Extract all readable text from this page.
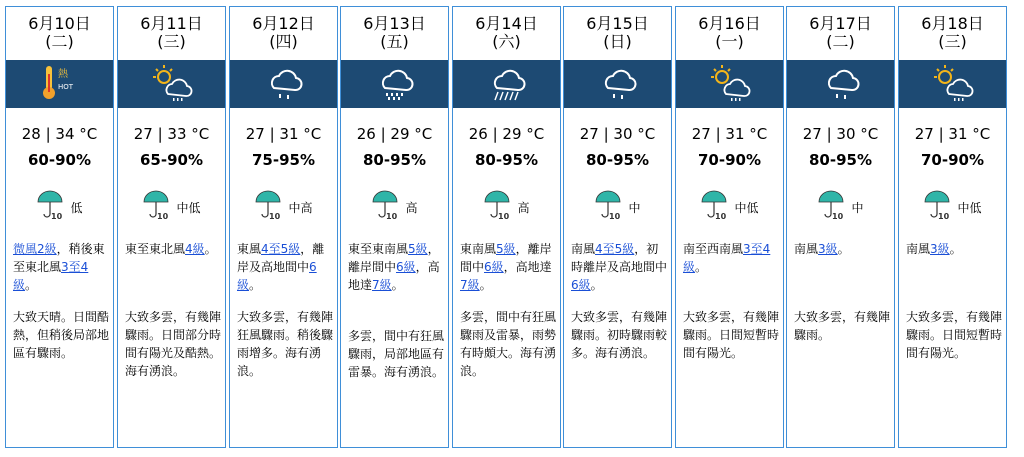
6月10日
(二)
熱
HOT
28 | 34 °C
60-90%
10
低
微風2級，稍後東至東北風3至4級。
大致天晴。日間酷熱，但稍後局部地區有驟雨。
6月11日
(三)
27 | 33 °C
65-90%
10
中低
東至東北風4級。
大致多雲，有幾陣驟雨。日間部分時間有陽光及酷熱。海有湧浪。
6月12日
(四)
27 | 31 °C
75-95%
10
中高
東風4至5級，離岸及高地間中6級。
大致多雲，有幾陣狂風驟雨。稍後驟雨增多。海有湧浪。
6月13日
(五)
26 | 29 °C
80-95%
10
高
東至東南風5級，離岸間中6級，高地達7級。
多雲，間中有狂風驟雨，局部地區有雷暴。海有湧浪。
6月14日
(六)
26 | 29 °C
80-95%
10
高
東南風5級，離岸間中6級，高地達7級。
多雲，間中有狂風驟雨及雷暴，雨勢有時頗大。海有湧浪。
6月15日
(日)
27 | 30 °C
80-95%
10
中
南風4至5級，初時離岸及高地間中6級。
大致多雲，有幾陣驟雨。初時驟雨較多。海有湧浪。
6月16日
(一)
27 | 31 °C
70-90%
10
中低
南至西南風3至4級。
大致多雲，有幾陣驟雨。日間短暫時間有陽光。
6月17日
(二)
27 | 30 °C
80-95%
10
中
南風3級。
大致多雲，有幾陣驟雨。
6月18日
(三)
27 | 31 °C
70-90%
10
中低
南風3級。
大致多雲，有幾陣驟雨。日間短暫時間有陽光。
